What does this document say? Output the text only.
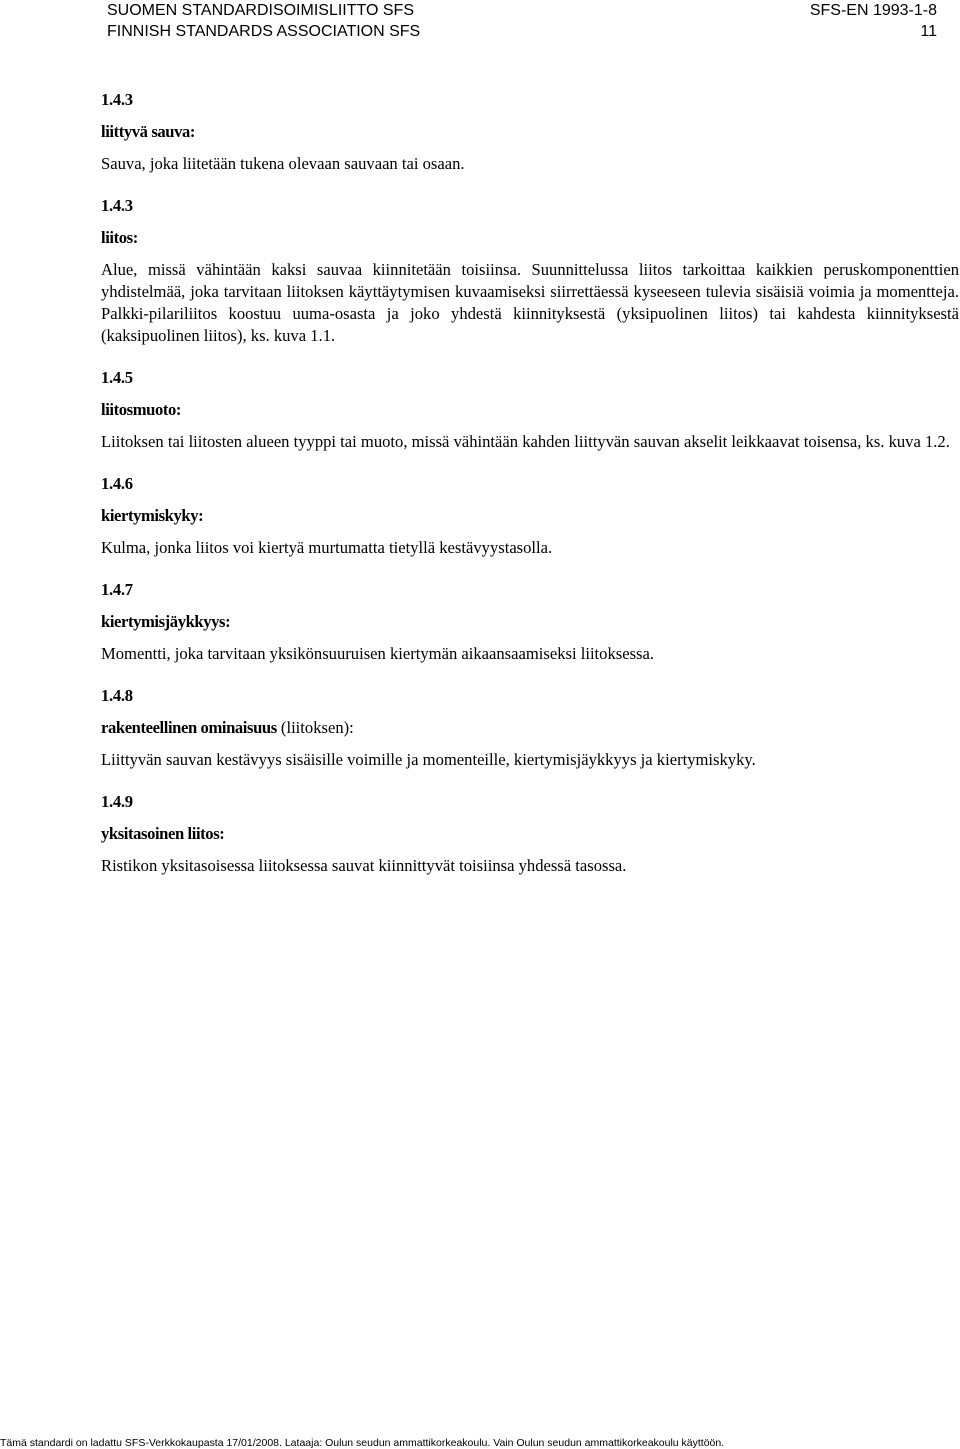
SUOMEN STANDARDISOIMISLIITTO SFS
FINNISH STANDARDS ASSOCIATION SFS
SFS-EN 1993-1-8
11
1.4.3
liittyvä sauva:
Sauva, joka liitetään tukena olevaan sauvaan tai osaan.
1.4.3
liitos:
Alue, missä vähintään kaksi sauvaa kiinnitetään toisiinsa. Suunnittelussa liitos tarkoittaa kaikkien peruskomponenttien yhdistelmää, joka tarvitaan liitoksen käyttäytymisen kuvaamiseksi siirrettäessä kyseeseen tulevia sisäisiä voimia ja momentteja. Palkki-pilariliitos koostuu uuma-osasta ja joko yhdestä kiinnityksestä (yksipuolinen liitos) tai kahdesta kiinnityksestä (kaksipuolinen liitos), ks. kuva 1.1.
1.4.5
liitosmuoto:
Liitoksen tai liitosten alueen tyyppi tai muoto, missä vähintään kahden liittyvän sauvan akselit leikkaavat toisensa, ks. kuva 1.2.
1.4.6
kiertymiskyky:
Kulma, jonka liitos voi kiertyä murtumatta tietyllä kestävyystasolla.
1.4.7
kiertymisjäykkyys:
Momentti, joka tarvitaan yksikönsuuruisen kiertymän aikaansaamiseksi liitoksessa.
1.4.8
rakenteellinen ominaisuus (liitoksen):
Liittyvän sauvan kestävyys sisäisille voimille ja momenteille, kiertymisjäykkyys ja kiertymiskyky.
1.4.9
yksitasoinen liitos:
Ristikon yksitasoisessa liitoksessa sauvat kiinnittyvät toisiinsa yhdessä tasossa.
Tämä standardi on ladattu SFS-Verkkokaupasta 17/01/2008. Lataaja: Oulun seudun ammattikorkeakoulu. Vain Oulun seudun ammattikorkeakoulu käyttöön.
